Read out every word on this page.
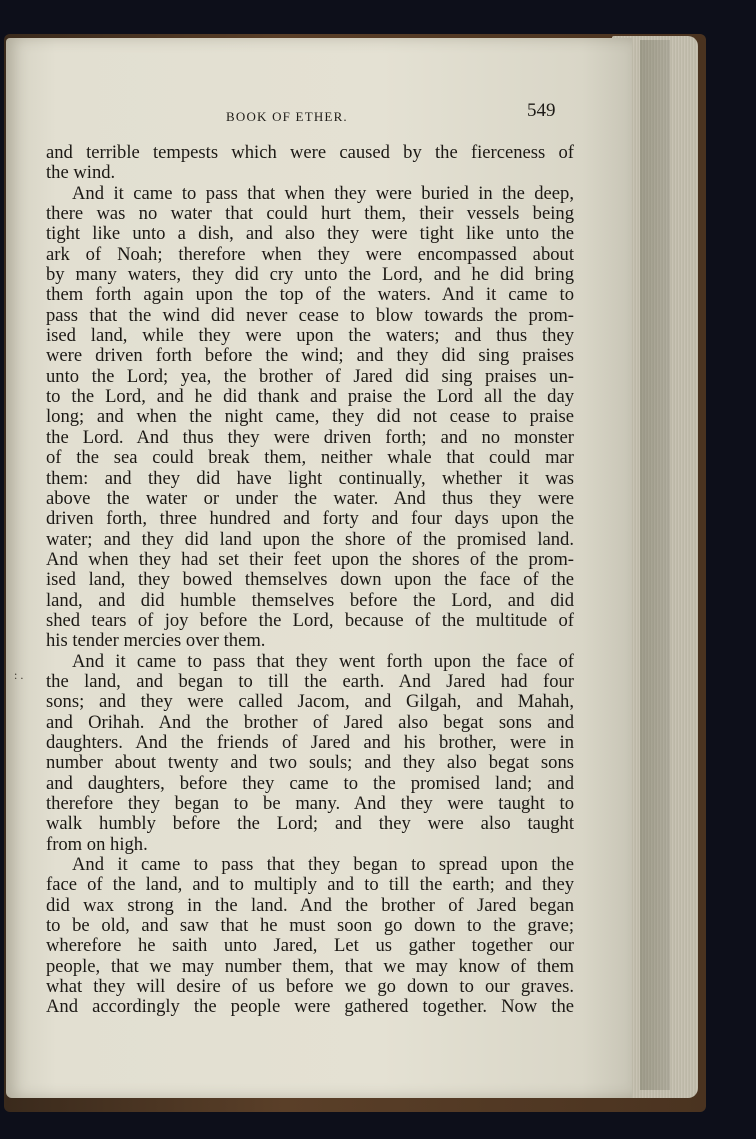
BOOK OF ETHER.	549
: .
and terrible tempests which were caused by the fierceness of
the wind.
And it came to pass that when they were buried in the deep,
there was no water that could hurt them, their vessels being
tight like unto a dish, and also they were tight like unto the
ark of Noah; therefore when they were encompassed about
by many waters, they did cry unto the Lord, and he did bring
them forth again upon the top of the waters. And it came to
pass that the wind did never cease to blow towards the prom-
ised land, while they were upon the waters; and thus they
were driven forth before the wind; and they did sing praises
unto the Lord; yea, the brother of Jared did sing praises un-
to the Lord, and he did thank and praise the Lord all the day
long; and when the night came, they did not cease to praise
the Lord. And thus they were driven forth; and no monster
of the sea could break them, neither whale that could mar
them: and they did have light continually, whether it was
above the water or under the water. And thus they were
driven forth, three hundred and forty and four days upon the
water; and they did land upon the shore of the promised land.
And when they had set their feet upon the shores of the prom-
ised land, they bowed themselves down upon the face of the
land, and did humble themselves before the Lord, and did
shed tears of joy before the Lord, because of the multitude of
his tender mercies over them.
And it came to pass that they went forth upon the face of
the land, and began to till the earth. And Jared had four
sons; and they were called Jacom, and Gilgah, and Mahah,
and Orihah. And the brother of Jared also begat sons and
daughters. And the friends of Jared and his brother, were in
number about twenty and two souls; and they also begat sons
and daughters, before they came to the promised land; and
therefore they began to be many. And they were taught to
walk humbly before the Lord; and they were also taught
from on high.
And it came to pass that they began to spread upon the
face of the land, and to multiply and to till the earth; and they
did wax strong in the land. And the brother of Jared began
to be old, and saw that he must soon go down to the grave;
wherefore he saith unto Jared, Let us gather together our
people, that we may number them, that we may know of them
what they will desire of us before we go down to our graves.
And accordingly the people were gathered together. Now the
